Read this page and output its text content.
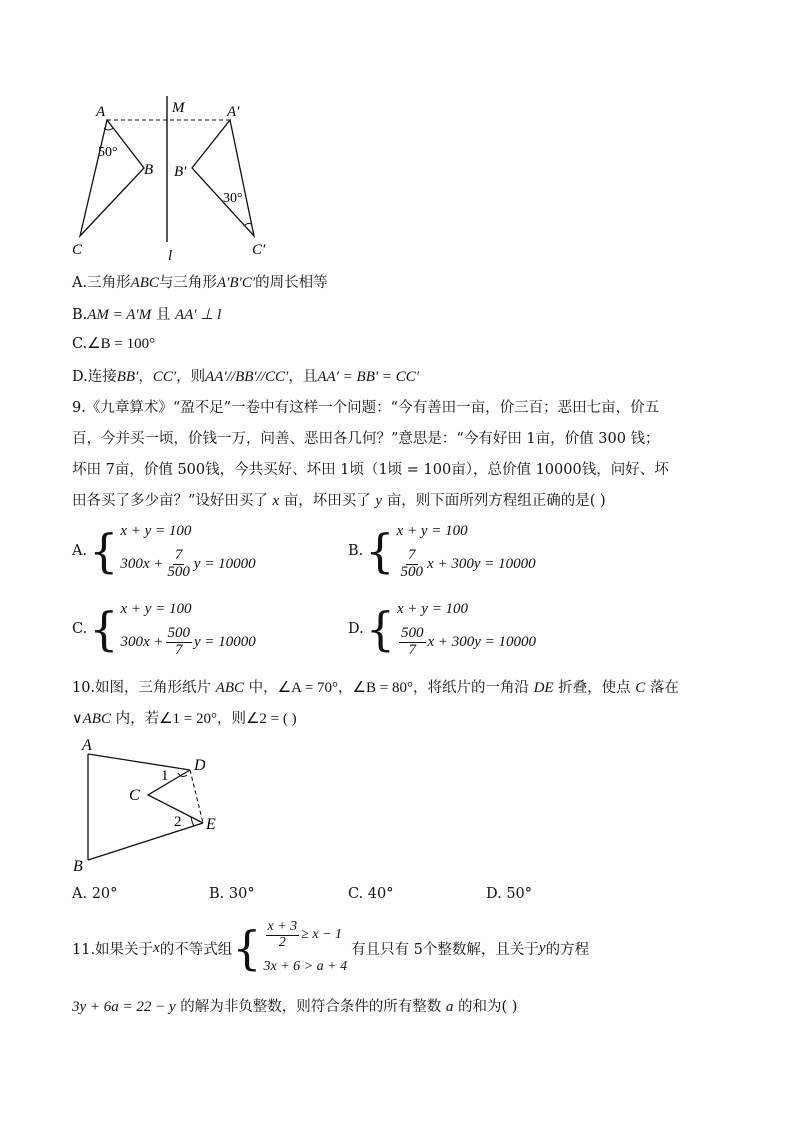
A	M	A′
B B′
C	C′
l
50°
30°
A.三角形ABC与三角形A′B′C′的周长相等
B.AM = A′M 且 AA′ ⊥ l
C.∠B = 100°
D.连接BB′，CC′，则AA′//BB′//CC′，且AA′ = BB′ = CC′
9.《九章算术》“盈不足”一卷中有这样一个问题：“今有善田一亩，价三百；恶田七亩，价五
百，今并买一顷，价钱一万，问善、恶田各几何？”意思是：“今有好田 1亩，价值 300 钱；
坏田 7亩，价值 500钱，今共买好、坏田 1顷（1顷 = 100亩），总价值 10000钱，问好、坏
田各买了多少亩？”设好田买了 x 亩，坏田买了 y 亩，则下面所列方程组正确的是( )
A. { x + y = 100
$300x + \frac{7}{500}$ y = 10000
B. { x + y = 100
$\frac{7}{500}$ x + 300y = 10000
C. { x + y = 100
$300x + \frac{500}{7}$ y = 10000
D. { x + y = 100
$\frac{500}{7}$ x + 300y = 10000
10.如图，三角形纸片 ABC 中，∠A = 70°，∠B = 80°，将纸片的一角沿 DE 折叠，使点 C 落在
∨ABC 内，若∠1 = 20°，则∠2 = ( )
A
B
C
D
E
1
2
A. 20°	B. 30°	C. 40°	D. 50°
11.如果关于 x 的不等式组 { $\frac{x + 3}{2} \ge x - 1$
3x + 6 > a + 4
有且只有 5个整数解，且关于 y 的方程
3y + 6a = 22 − y 的解为非负整数，则符合条件的所有整数 a 的和为( )
